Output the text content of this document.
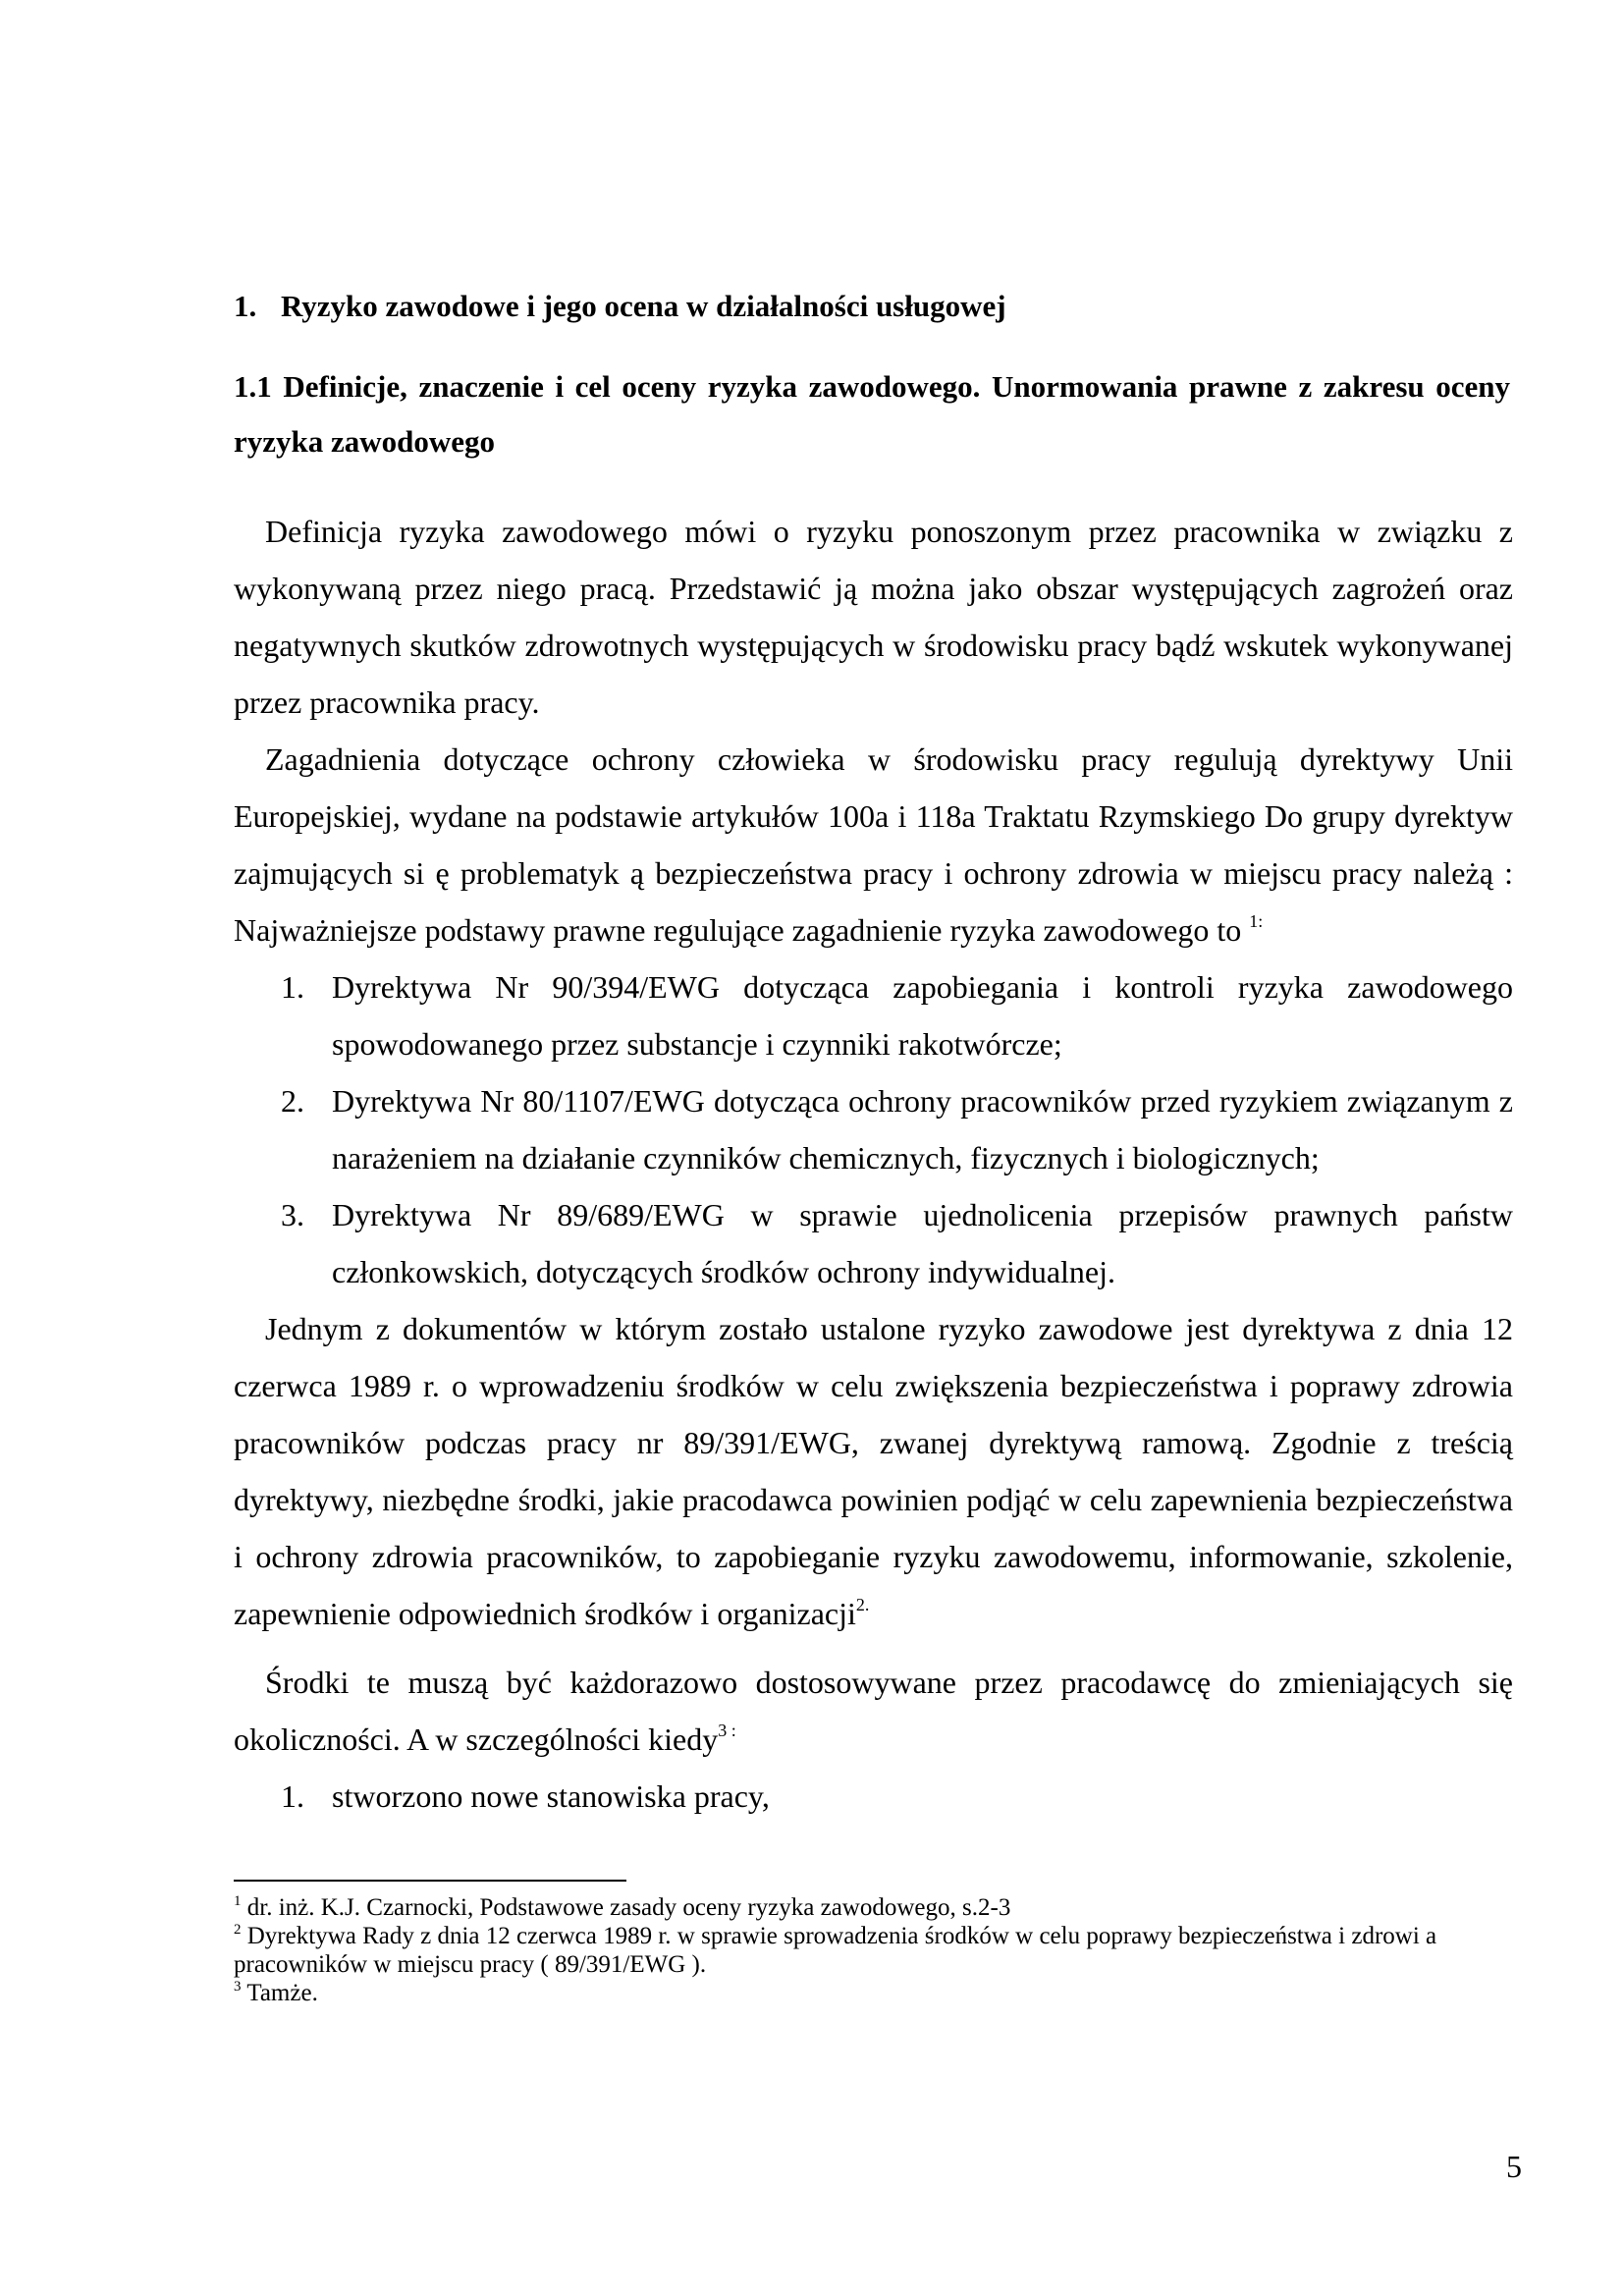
1. Ryzyko zawodowe i jego ocena w działalności usługowej
1.1 Definicje, znaczenie i cel oceny ryzyka zawodowego. Unormowania prawne z zakresu oceny ryzyka zawodowego

Definicja ryzyka zawodowego mówi o ryzyku ponoszonym przez pracownika w związku z wykonywaną przez niego pracą. Przedstawić ją można jako obszar występujących zagrożeń oraz negatywnych skutków zdrowotnych występujących w środowisku pracy bądź wskutek wykonywanej przez pracownika pracy.

Zagadnienia dotyczące ochrony człowieka w środowisku pracy regulują dyrektywy Unii Europejskiej, wydane na podstawie artykułów 100a i 118a Traktatu Rzymskiego Do grupy dyrektyw zajmujących si ę problematyk ą bezpieczeństwa pracy i ochrony zdrowia w miejscu pracy należą : Najważniejsze podstawy prawne regulujące zagadnienie ryzyka zawodowego to $^{1:}$

1. Dyrektywa Nr 90/394/EWG dotycząca zapobiegania i kontroli ryzyka zawodowego spowodowanego przez substancje i czynniki rakotwórcze;
2. Dyrektywa Nr 80/1107/EWG dotycząca ochrony pracowników przed ryzykiem związanym z narażeniem na działanie czynników chemicznych, fizycznych i biologicznych;
3. Dyrektywa Nr 89/689/EWG w sprawie ujednolicenia przepisów prawnych państw członkowskich, dotyczących środków ochrony indywidualnej.

Jednym z dokumentów w którym zostało ustalone ryzyko zawodowe jest dyrektywa z dnia 12 czerwca 1989 r. o wprowadzeniu środków w celu zwiększenia bezpieczeństwa i poprawy zdrowia pracowników podczas pracy nr 89/391/EWG, zwanej dyrektywą ramową. Zgodnie z treścią dyrektywy, niezbędne środki, jakie pracodawca powinien podjąć w celu zapewnienia bezpieczeństwa i ochrony zdrowia pracowników, to zapobieganie ryzyku zawodowemu, informowanie, szkolenie, zapewnienie odpowiednich środków i organizacji$^{2.}$

Środki te muszą być każdorazowo dostosowywane przez pracodawcę do zmieniających się okoliczności. A w szczególności kiedy$^{3 :}$

1. stworzono nowe stanowiska pracy,

$^1$ dr. inż. K.J. Czarnocki, Podstawowe zasady oceny ryzyka zawodowego, s.2-3

$^2$ Dyrektywa Rady z dnia 12 czerwca 1989 r. w sprawie sprowadzenia środków w celu poprawy bezpieczeństwa i zdrowi a pracowników w miejscu pracy ( 89/391/EWG ).

$^3$ Tamże.

5
